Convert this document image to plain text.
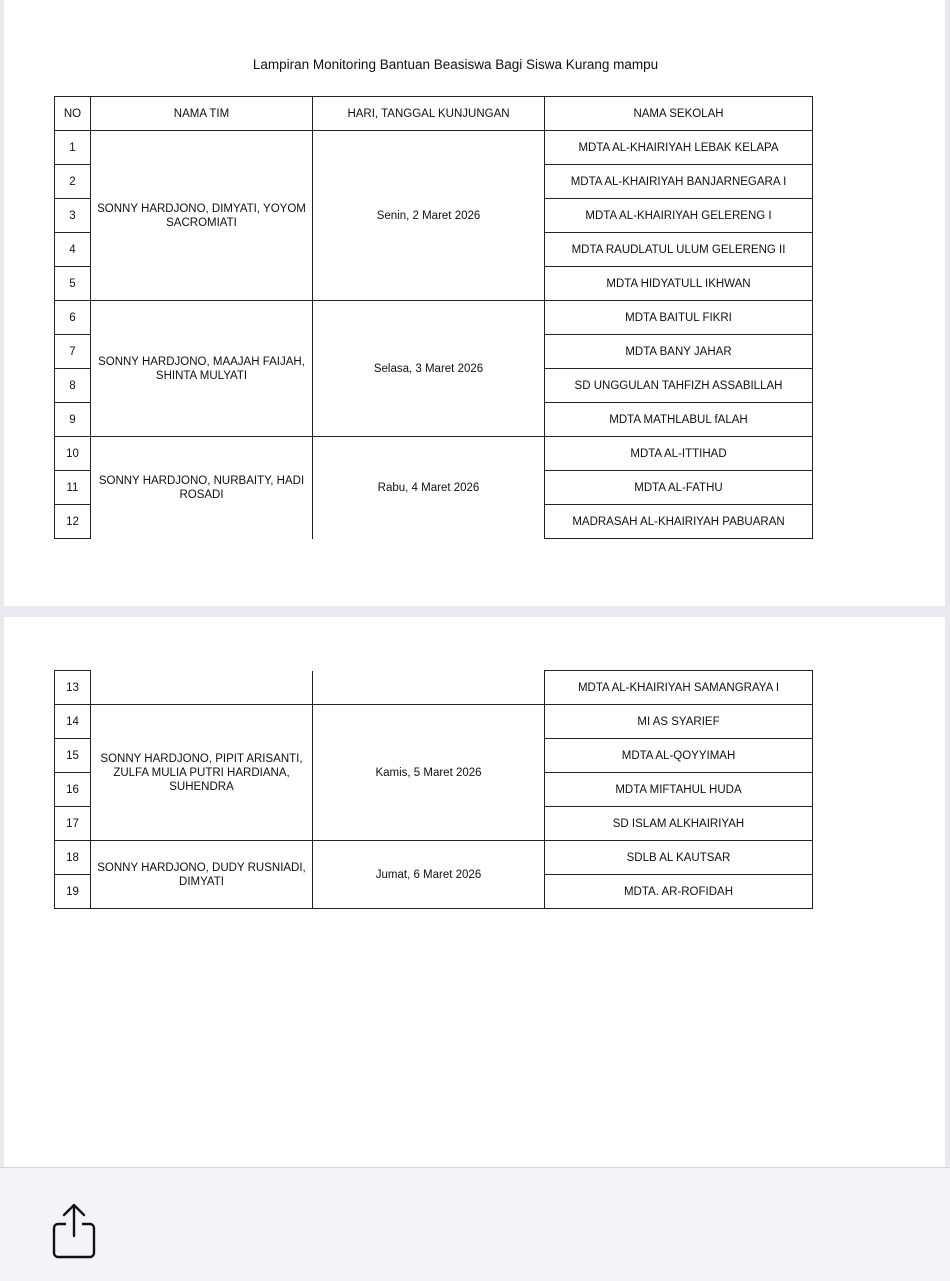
Lampiran Monitoring Bantuan Beasiswa Bagi Siswa Kurang mampu
NO	NAMA TIM	HARI, TANGGAL KUNJUNGAN	NAMA SEKOLAH
1	SONNY HARDJONO, DIMYATI, YOYOM SACROMIATI	Senin, 2 Maret 2026	MDTA AL-KHAIRIYAH LEBAK KELAPA
2			MDTA AL-KHAIRIYAH BANJARNEGARA I
3			MDTA AL-KHAIRIYAH GELERENG I
4			MDTA RAUDLATUL ULUM GELERENG II
5			MDTA HIDYATULL IKHWAN
6	SONNY HARDJONO, MAAJAH FAIJAH, SHINTA MULYATI	Selasa, 3 Maret 2026	MDTA BAITUL FIKRI
7			MDTA BANY JAHAR
8			SD UNGGULAN TAHFIZH ASSABILLAH
9			MDTA MATHLABUL fALAH
10	SONNY HARDJONO, NURBAITY, HADI ROSADI	Rabu, 4 Maret 2026	MDTA AL-ITTIHAD
11			MDTA AL-FATHU
12			MADRASAH AL-KHAIRIYAH PABUARAN
13			MDTA AL-KHAIRIYAH SAMANGRAYA I
14	SONNY HARDJONO, PIPIT ARISANTI, ZULFA MULIA PUTRI HARDIANA, SUHENDRA	Kamis, 5 Maret 2026	MI AS SYARIEF
15			MDTA AL-QOYYIMAH
16			MDTA MIFTAHUL HUDA
17			SD ISLAM ALKHAIRIYAH
18	SONNY HARDJONO, DUDY RUSNIADI, DIMYATI	Jumat, 6 Maret 2026	SDLB AL KAUTSAR
19			MDTA. AR-ROFIDAH
